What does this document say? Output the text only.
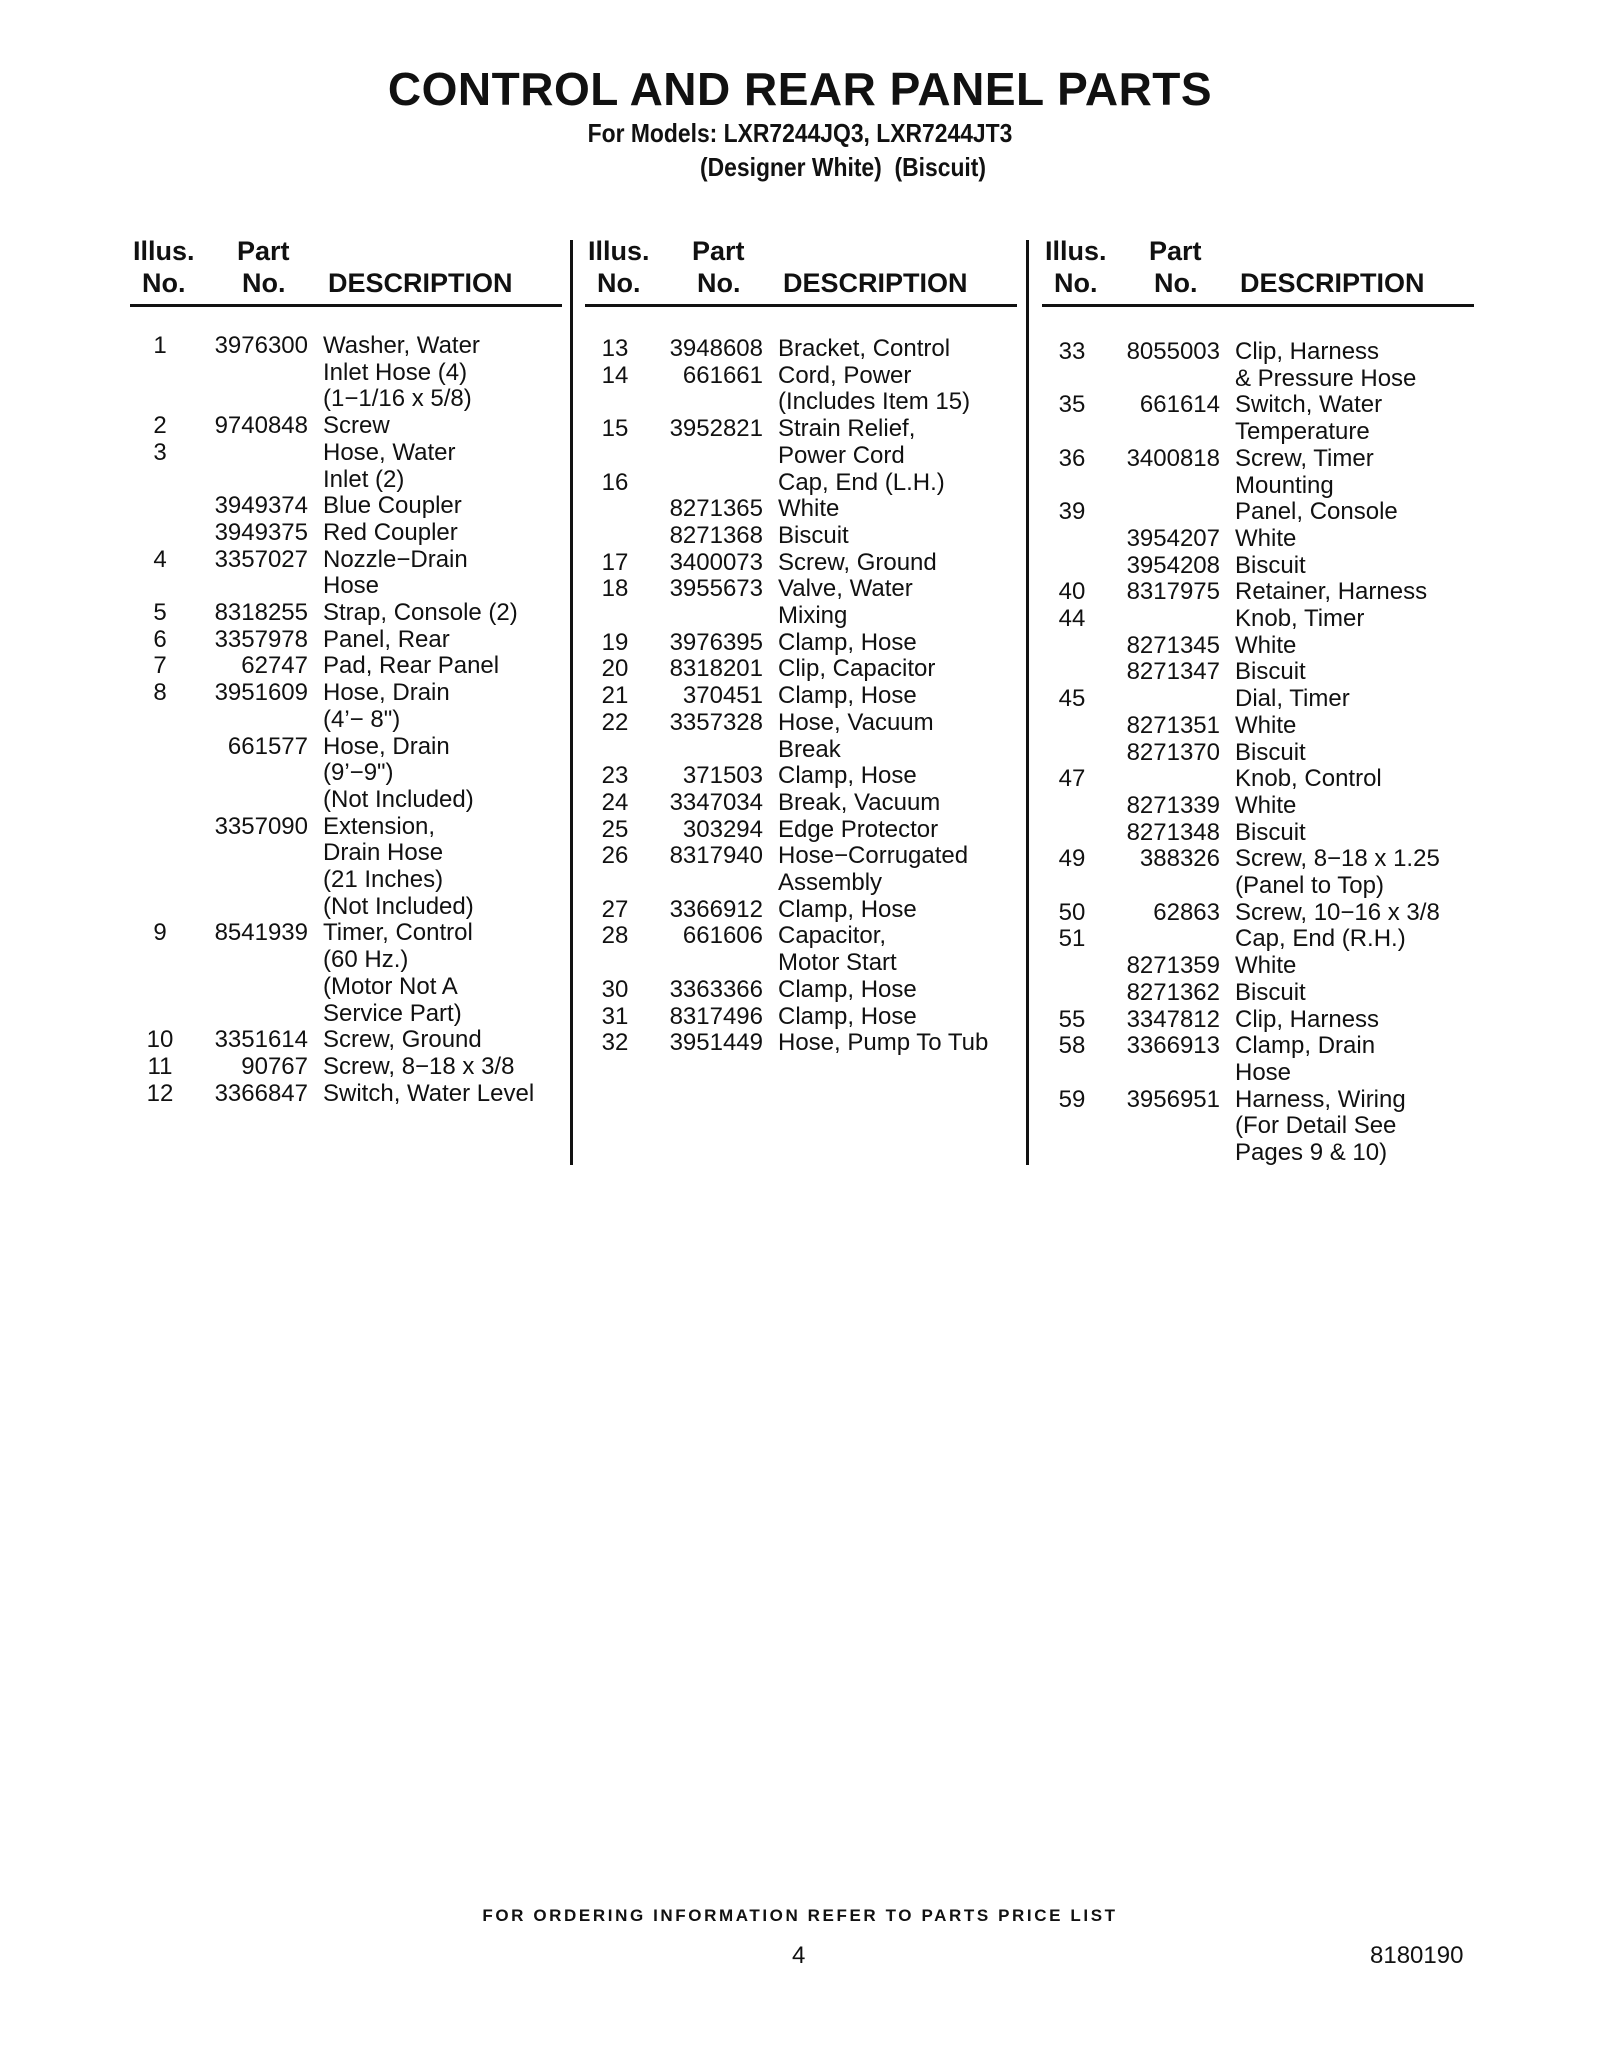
CONTROL AND REAR PANEL PARTS
For Models: LXR7244JQ3, LXR7244JT3
(Designer White)  (Biscuit)
Illus.
No.
Part
No. DESCRIPTION
1	3976300 Washer, Water
Inlet Hose (4)
(1−1/16 x 5/8)
2	9740848 Screw
3	Hose, Water
Inlet (2)
3949374 Blue Coupler
3949375 Red Coupler
4	3357027 Nozzle−Drain
Hose
5	8318255 Strap, Console (2)
6	3357978 Panel, Rear
7	62747 Pad, Rear Panel
8	3951609 Hose, Drain
(4’− 8")
661577 Hose, Drain
(9’−9")
(Not Included)
3357090 Extension,
Drain Hose
(21 Inches)
(Not Included)
9	8541939 Timer, Control
(60 Hz.)
(Motor Not A
Service Part)
10	3351614 Screw, Ground
11	90767 Screw, 8−18 x 3/8
12	3366847 Switch, Water Level
Illus.
No.
Part
No. DESCRIPTION
13	3948608 Bracket, Control
14	661661 Cord, Power
(Includes Item 15)
15	3952821 Strain Relief,
Power Cord
16	Cap, End (L.H.)
8271365 White
8271368 Biscuit
17	3400073 Screw, Ground
18	3955673 Valve, Water
Mixing
19	3976395 Clamp, Hose
20	8318201 Clip, Capacitor
21	370451 Clamp, Hose
22	3357328 Hose, Vacuum
Break
23	371503 Clamp, Hose
24	3347034 Break, Vacuum
25	303294 Edge Protector
26	8317940 Hose−Corrugated
Assembly
27	3366912 Clamp, Hose
28	661606 Capacitor,
Motor Start
30	3363366 Clamp, Hose
31	8317496 Clamp, Hose
32	3951449 Hose, Pump To Tub
Illus.
No.
Part
No. DESCRIPTION
33	8055003 Clip, Harness
& Pressure Hose
35	661614 Switch, Water
Temperature
36	3400818 Screw, Timer
Mounting
39	Panel, Console
3954207 White
3954208 Biscuit
40	8317975 Retainer, Harness
44	Knob, Timer
8271345 White
8271347 Biscuit
45	Dial, Timer
8271351 White
8271370 Biscuit
47	Knob, Control
8271339 White
8271348 Biscuit
49	388326 Screw, 8−18 x 1.25
(Panel to Top)
50	62863 Screw, 10−16 x 3/8
51	Cap, End (R.H.)
8271359 White
8271362 Biscuit
55	3347812 Clip, Harness
58	3366913 Clamp, Drain
Hose
59	3956951 Harness, Wiring
(For Detail See
Pages 9 & 10)
FOR ORDERING INFORMATION REFER TO PARTS PRICE LIST
4	8180190
